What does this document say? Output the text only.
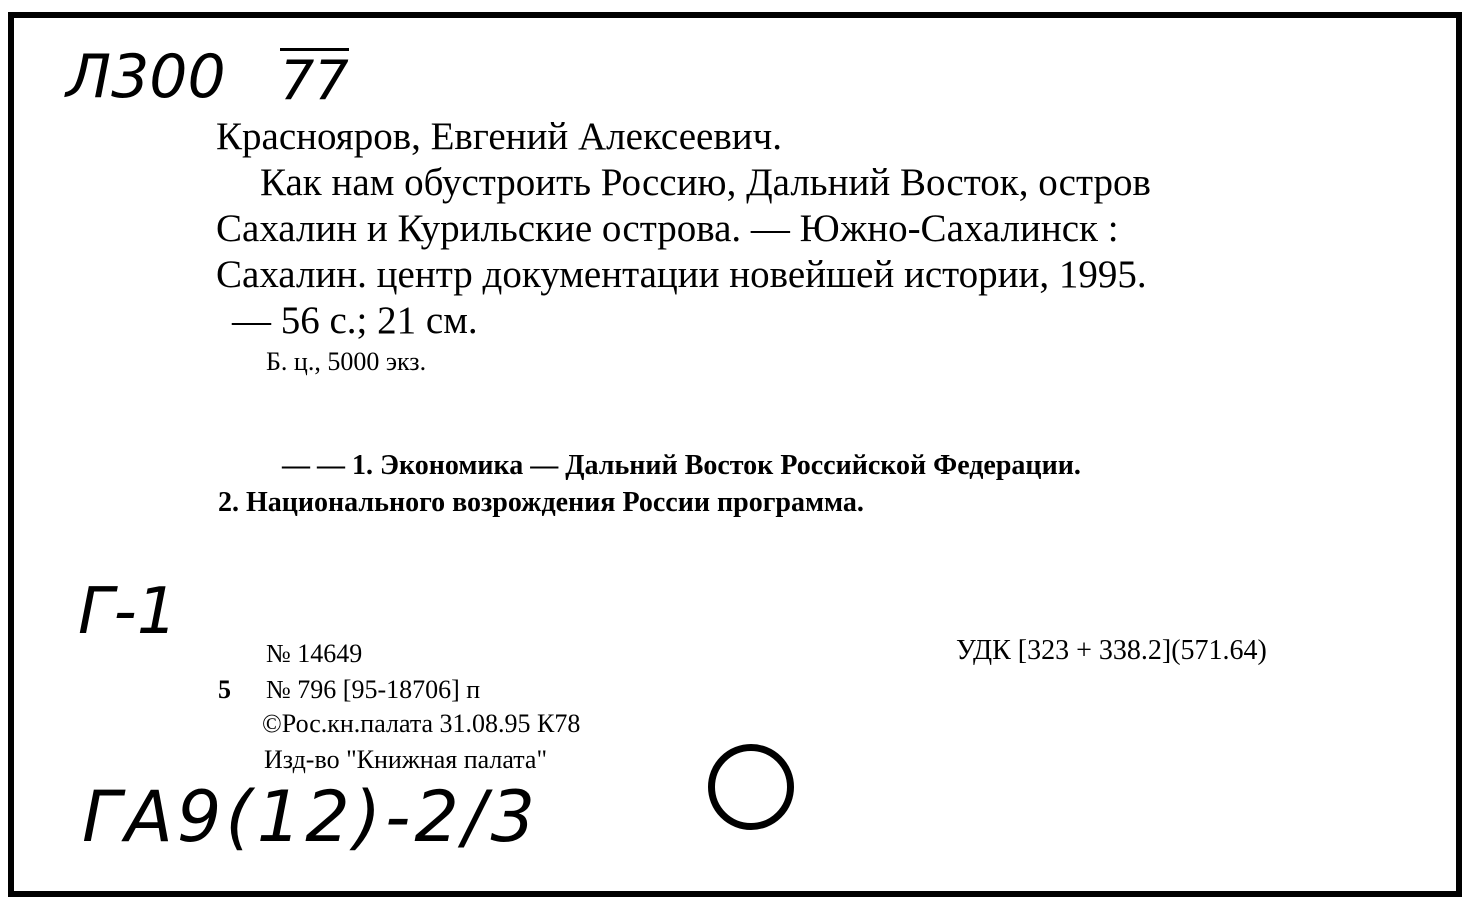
Л300 77
Краснояров, Евгений Алексеевич.
Как нам обустроить Россию, Дальний Восток, остров
Сахалин и Курильские острова. — Южно-Сахалинск :
Сахалин. центр документации новейшей истории, 1995.
— 56 с.; 21 см.
Б. ц., 5000 экз.
— — 1. Экономика — Дальний Восток Российской Федерации.
2. Национального возрождения России программа.
Г-1
№ 14649	УДК [323 + 338.2](571.64)
5 № 796 [95-18706] п
©Рос.кн.палата 31.08.95 К78
Изд-во "Книжная палата"
ГА9(12)-2/3
